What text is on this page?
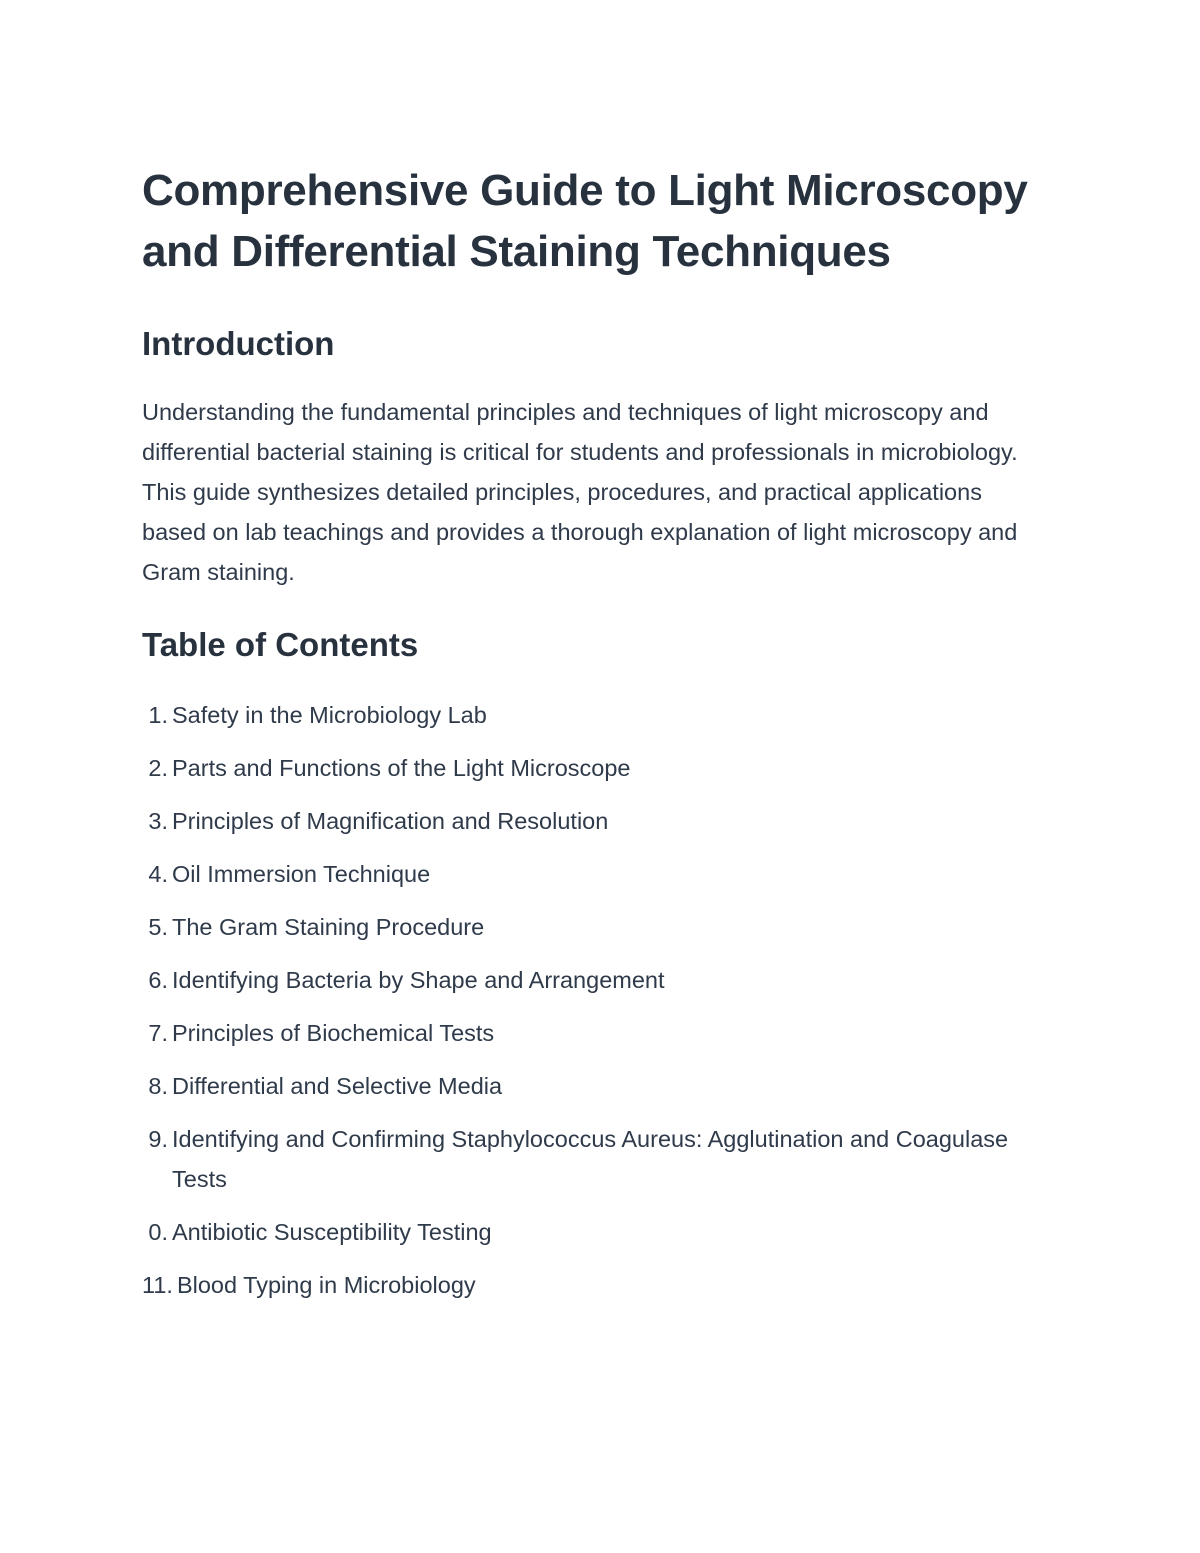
Comprehensive Guide to Light Microscopy and Differential Staining Techniques
Introduction

Understanding the fundamental principles and techniques of light microscopy and differential bacterial staining is critical for students and professionals in microbiology. This guide synthesizes detailed principles, procedures, and practical applications based on lab teachings and provides a thorough explanation of light microscopy and Gram staining.

Table of Contents
1. Safety in the Microbiology Lab
2. Parts and Functions of the Light Microscope
3. Principles of Magnification and Resolution
4. Oil Immersion Technique
5. The Gram Staining Procedure
6. Identifying Bacteria by Shape and Arrangement
7. Principles of Biochemical Tests
8. Differential and Selective Media
9. Identifying and Confirming Staphylococcus Aureus: Agglutination and Coagulase Tests
0. Antibiotic Susceptibility Testing
11. Blood Typing in Microbiology
